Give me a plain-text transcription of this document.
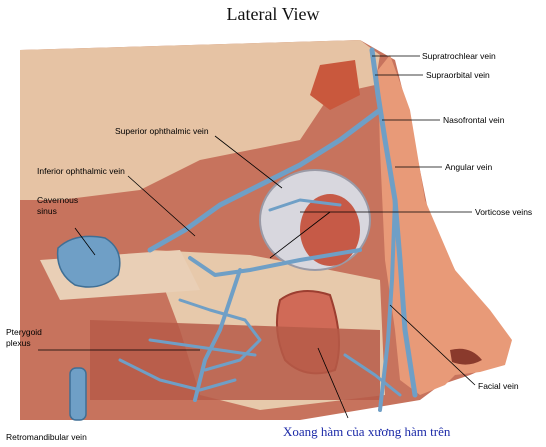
Lateral View
Supratrochlear vein
Supraorbital vein
Nasofrontal vein
Angular vein
Vorticose veins
Facial vein
Superior ophthalmic vein
Inferior ophthalmic vein
Cavernous
sinus
Pterygoid
plexus
Retromandibular vein	Xoang hàm của xương hàm trên
